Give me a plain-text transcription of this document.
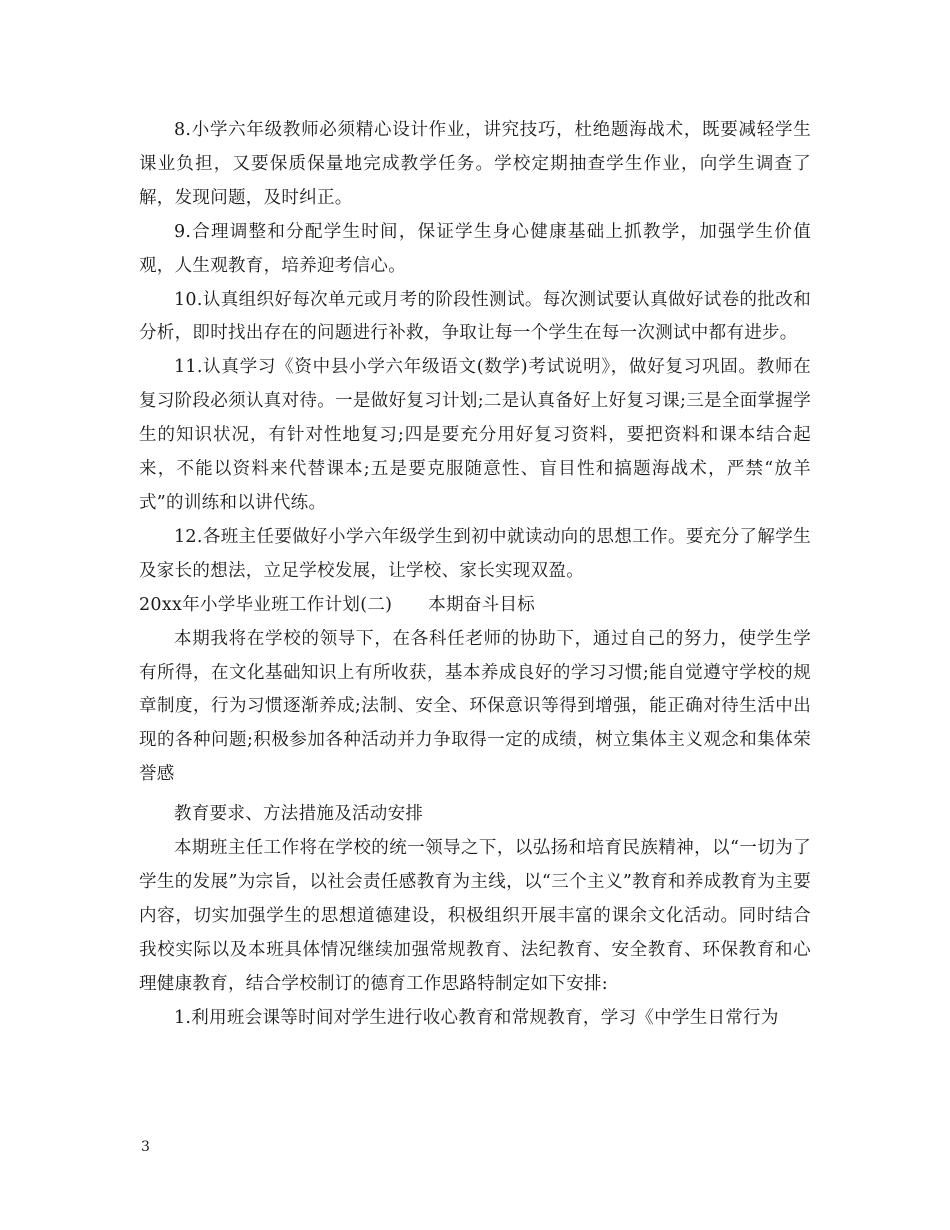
8.小学六年级教师必须精心设计作业，讲究技巧，杜绝题海战术，既要减轻学生课业负担，又要保质保量地完成教学任务。学校定期抽查学生作业，向学生调查了解，发现问题，及时纠正。

9.合理调整和分配学生时间，保证学生身心健康基础上抓教学，加强学生价值观，人生观教育，培养迎考信心。

10.认真组织好每次单元或月考的阶段性测试。每次测试要认真做好试卷的批改和分析，即时找出存在的问题进行补救，争取让每一个学生在每一次测试中都有进步。

11.认真学习《资中县小学六年级语文(数学)考试说明》，做好复习巩固。教师在复习阶段必须认真对待。一是做好复习计划;二是认真备好上好复习课;三是全面掌握学生的知识状况，有针对性地复习;四是要充分用好复习资料，要把资料和课本结合起来，不能以资料来代替课本;五是要克服随意性、盲目性和搞题海战术，严禁“放羊式”的训练和以讲代练。

12.各班主任要做好小学六年级学生到初中就读动向的思想工作。要充分了解学生及家长的想法，立足学校发展，让学校、家长实现双盈。

20xx年小学毕业班工作计划(二) 本期奋斗目标

本期我将在学校的领导下，在各科任老师的协助下，通过自己的努力，使学生学有所得，在文化基础知识上有所收获，基本养成良好的学习习惯;能自觉遵守学校的规章制度，行为习惯逐渐养成;法制、安全、环保意识等得到增强，能正确对待生活中出现的各种问题;积极参加各种活动并力争取得一定的成绩，树立集体主义观念和集体荣誉感

教育要求、方法措施及活动安排

本期班主任工作将在学校的统一领导之下，以弘扬和培育民族精神，以“一切为了学生的发展”为宗旨，以社会责任感教育为主线，以“三个主义”教育和养成教育为主要内容，切实加强学生的思想道德建设，积极组织开展丰富的课余文化活动。同时结合我校实际以及本班具体情况继续加强常规教育、法纪教育、安全教育、环保教育和心理健康教育，结合学校制订的德育工作思路特制定如下安排:

1.利用班会课等时间对学生进行收心教育和常规教育，学习《中学生日常行为

3
